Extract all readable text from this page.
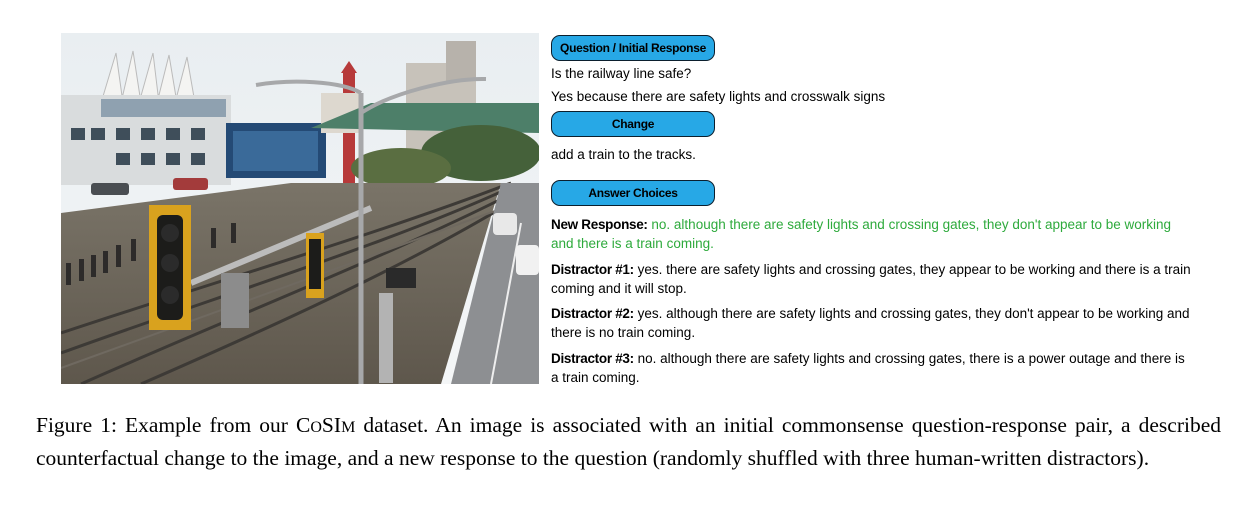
Question / Initial Response

Is the railway line safe?

Yes because there are safety lights and crosswalk signs

Change

add a train to the tracks.

Answer Choices
New Response: no. although there are safety lights and crossing gates, they don't appear to be working and there is a train coming.
Distractor #1: yes. there are safety lights and crossing gates, they appear to be working and there is a train coming and it will stop.
Distractor #2: yes. although there are safety lights and crossing gates, they don't appear to be working and there is no train coming.
Distractor #3: no. although there are safety lights and crossing gates, there is a power outage and there is a train coming.
Figure 1: Example from our COSIM dataset. An image is associated with an initial commonsense question-response pair, a described counterfactual change to the image, and a new response to the question (randomly shuffled with three human-written distractors).
